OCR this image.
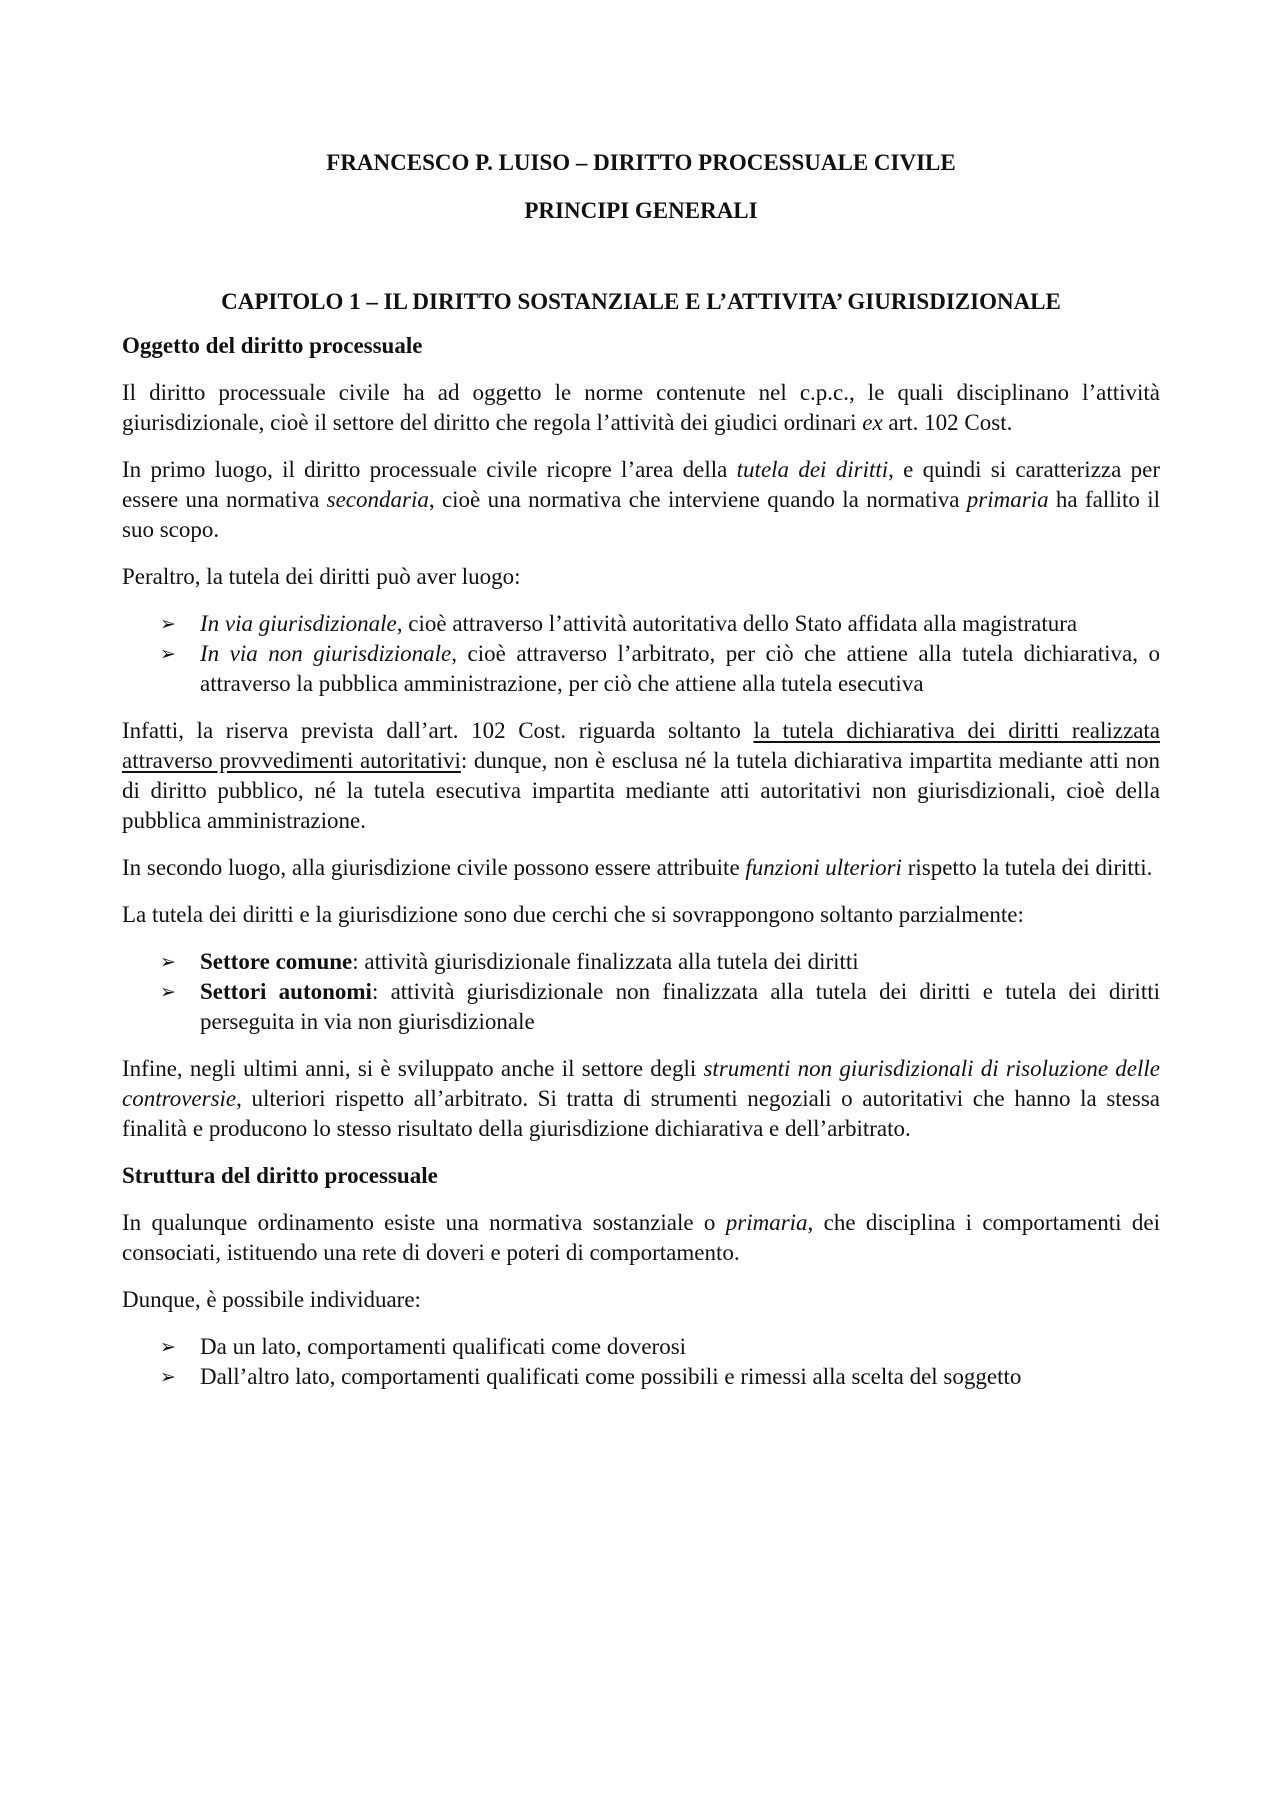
FRANCESCO P. LUISO – DIRITTO PROCESSUALE CIVILE

PRINCIPI GENERALI

CAPITOLO 1 – IL DIRITTO SOSTANZIALE E L’ATTIVITA’ GIURISDIZIONALE

Oggetto del diritto processuale

Il diritto processuale civile ha ad oggetto le norme contenute nel c.p.c., le quali disciplinano l’attività giurisdizionale, cioè il settore del diritto che regola l’attività dei giudici ordinari ex art. 102 Cost.

In primo luogo, il diritto processuale civile ricopre l’area della tutela dei diritti, e quindi si caratterizza per essere una normativa secondaria, cioè una normativa che interviene quando la normativa primaria ha fallito il suo scopo.

Peraltro, la tutela dei diritti può aver luogo:

➢ In via giurisdizionale, cioè attraverso l’attività autoritativa dello Stato affidata alla magistratura
➢ In via non giurisdizionale, cioè attraverso l’arbitrato, per ciò che attiene alla tutela dichiarativa, o attraverso la pubblica amministrazione, per ciò che attiene alla tutela esecutiva

Infatti, la riserva prevista dall’art. 102 Cost. riguarda soltanto la tutela dichiarativa dei diritti realizzata attraverso provvedimenti autoritativi: dunque, non è esclusa né la tutela dichiarativa impartita mediante atti non di diritto pubblico, né la tutela esecutiva impartita mediante atti autoritativi non giurisdizionali, cioè della pubblica amministrazione.

In secondo luogo, alla giurisdizione civile possono essere attribuite funzioni ulteriori rispetto la tutela dei diritti.

La tutela dei diritti e la giurisdizione sono due cerchi che si sovrappongono soltanto parzialmente:

➢ Settore comune: attività giurisdizionale finalizzata alla tutela dei diritti
➢ Settori autonomi: attività giurisdizionale non finalizzata alla tutela dei diritti e tutela dei diritti perseguita in via non giurisdizionale

Infine, negli ultimi anni, si è sviluppato anche il settore degli strumenti non giurisdizionali di risoluzione delle controversie, ulteriori rispetto all’arbitrato. Si tratta di strumenti negoziali o autoritativi che hanno la stessa finalità e producono lo stesso risultato della giurisdizione dichiarativa e dell’arbitrato.

Struttura del diritto processuale

In qualunque ordinamento esiste una normativa sostanziale o primaria, che disciplina i comportamenti dei consociati, istituendo una rete di doveri e poteri di comportamento.

Dunque, è possibile individuare:

➢ Da un lato, comportamenti qualificati come doverosi
➢ Dall’altro lato, comportamenti qualificati come possibili e rimessi alla scelta del soggetto
